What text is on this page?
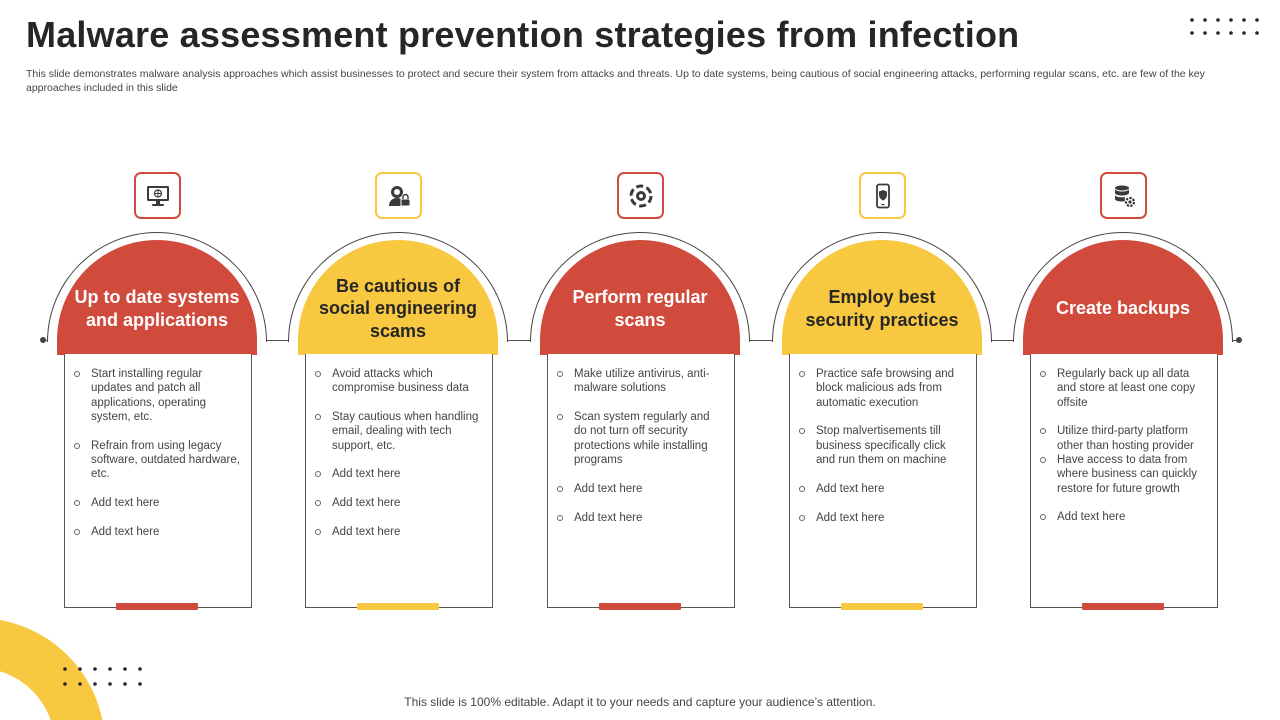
Malware assessment prevention strategies from infection

This slide demonstrates malware analysis approaches which assist businesses to protect and secure their system from attacks and threats. Up to date systems, being cautious of social engineering attacks, performing regular scans, etc. are few of the key approaches included in this slide

Up to date systems and applications
Start installing regular updates and patch all applications, operating system, etc.
Refrain from using legacy software, outdated hardware, etc.
Add text here
Add text here
Be cautious of social engineering scams
Avoid attacks which compromise business data
Stay cautious when handling email, dealing with tech support, etc.
Add text here
Add text here
Add text here
Perform regular scans
Make utilize antivirus, anti-malware solutions
Scan system regularly and do not turn off security protections while installing programs
Add text here
Add text here
Employ best security practices
Practice safe browsing and block malicious ads from automatic execution
Stop malvertisements till business specifically click and run them on machine
Add text here
Add text here
Create backups
Regularly back up all data and store at least one copy offsite
Utilize third-party platform other than hosting provider
Have access to data from where business can quickly restore for future growth
Add text here

This slide is 100% editable. Adapt it to your needs and capture your audience’s attention.
